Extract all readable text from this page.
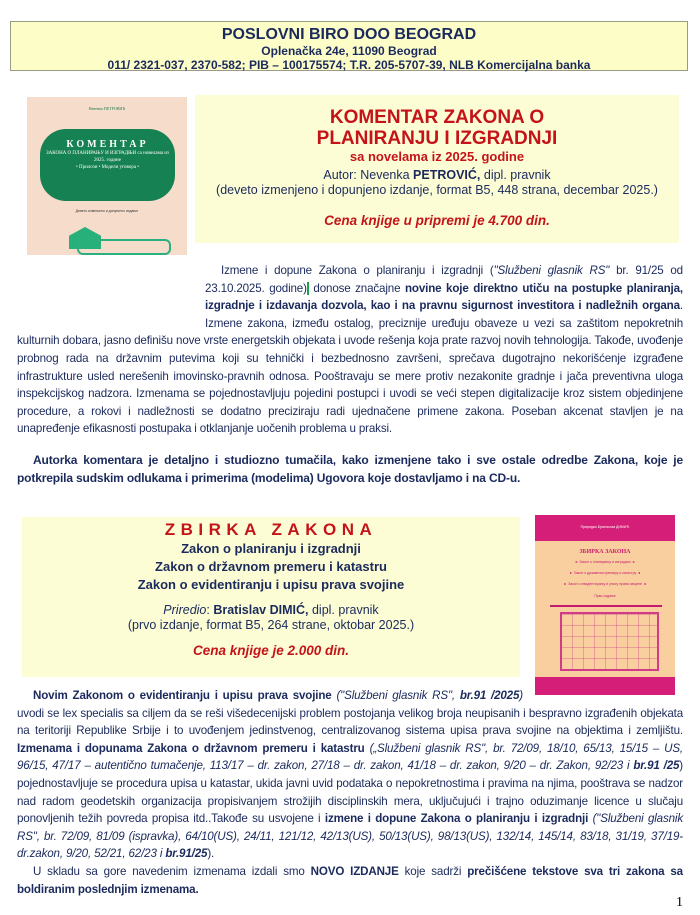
POSLOVNI BIRO DOO BEOGRAD
Oplenačka 24e, 11090 Beograd
011/ 2321-037, 2370-582; PIB – 100175574; T.R. 205-5707-39, NLB Komercijalna banka
Невенка ПЕТРОВИЋ
КОМЕНТАР
ЗАКОНА О ПЛАНИРАЊУ И ИЗГРАДЊИ са новелама из 2025. године
• Прилози • Модели уговора •
Девето измењено и допуњено издање
KOMENTAR ZAKONA O
PLANIRANJU I IZGRADNJI
sa novelama iz 2025. godine
Autor: Nevenka PETROVIĆ, dipl. pravnik
(deveto izmenjeno i dopunjeno izdanje, format B5, 448 strana, decembar 2025.)
Cena knjige u pripremi je 4.700 din.

Izmene i dopune Zakona o planiranju i izgradnji ("Službeni glasnik RS" br. 91/25 od 23.10.2025. godine) donose značajne novine koje direktno utiču na postupke planiranja, izgradnje i izdavanja dozvola, kao i na pravnu sigurnost investitora i nadležnih organa. Izmene zakona, između ostalog, preciznije uređuju obaveze u vezi sa zaštitom nepokretnih kulturnih dobara, jasno definišu nove vrste energetskih objekata i uvode rešenja koja prate razvoj novih tehnologija. Takođe, uvođenje probnog rada na državnim putevima koji su tehnički i bezbednosno završeni, sprečava dugotrajno nekorišćenje izgrađene infrastrukture usled nerešenih imovinsko-pravnih odnosa. Pooštravaju se mere protiv nezakonite gradnje i jača preventivna uloga inspekcijskog nadzora. Izmenama se pojednostavljuju pojedini postupci i uvodi se veći stepen digitalizacije kroz sistem objedinjene procedure, a rokovi i nadležnosti se dodatno preciziraju radi ujednačene primene zakona. Poseban akcenat stavljen je na unapređenje efikasnosti postupaka i otklanjanje uočenih problema u praksi.

Autorka komentara je detaljno i studiozno tumačila, kako izmenjene tako i sve ostale odredbe Zakona, koje je potkrepila sudskim odlukama i primerima (modelima) Ugovora koje dostavljamo i na CD-u.

ZBIRKA ZAKONA
Zakon o planiranju i izgradnji
Zakon o državnom premeru i katastru
Zakon o evidentiranju i upisu prava svojine
Priredio: Bratislav DIMIĆ, dipl. pravnik
(prvo izdanje, format B5, 264 strane, oktobar 2025.)
Cena knjige je 2.000 din.
Приредио Братислав ДИМИЋ
ЗБИРКА ЗАКОНА
► Закон о планирању и изградњи ◄
► Закон о државном премеру и катастру ◄
► Закон о евидентирању и упису права својине ◄
Прво издање

Novim Zakonom o evidentiranju i upisu prava svojine ("Službeni glasnik RS", br.91 /2025) uvodi se lex specialis sa ciljem da se reši višedecenijski problem postojanja velikog broja neupisanih i bespravno izgrađenih objekata na teritoriji Republike Srbije i to uvođenjem jedinstvenog, centralizovanog sistema upisa prava svojine na objektima i zemljištu. Izmenama i dopunama Zakona o državnom premeru i katastru („Službeni glasnik RS", br. 72/09, 18/10, 65/13, 15/15 – US, 96/15, 47/17 – autentično tumačenje, 113/17 – dr. zakon, 27/18 – dr. zakon, 41/18 – dr. zakon, 9/20 – dr. Zakon, 92/23 i br.91 /25) pojednostavljuje se procedura upisa u katastar, ukida javni uvid podataka o nepokretnostima i pravima na njima, pooštrava se nadzor nad radom geodetskih organizacija propisivanjem strožijih disciplinskih mera, uključujući i trajno oduzimanje licence u slučaju ponovljenih težih povreda propisa itd..Takođe su usvojene i izmene i dopune Zakona o planiranju i izgradnji ("Službeni glasnik RS", br. 72/09, 81/09 (ispravka), 64/10(US), 24/11, 121/12, 42/13(US), 50/13(US), 98/13(US), 132/14, 145/14, 83/18, 31/19, 37/19-dr.zakon, 9/20, 52/21, 62/23 i br.91/25).

U skladu sa gore navedenim izmenama izdali smo NOVO IZDANJE koje sadrži prečišćene tekstove sva tri zakona sa boldiranim poslednjim izmenama.

1
